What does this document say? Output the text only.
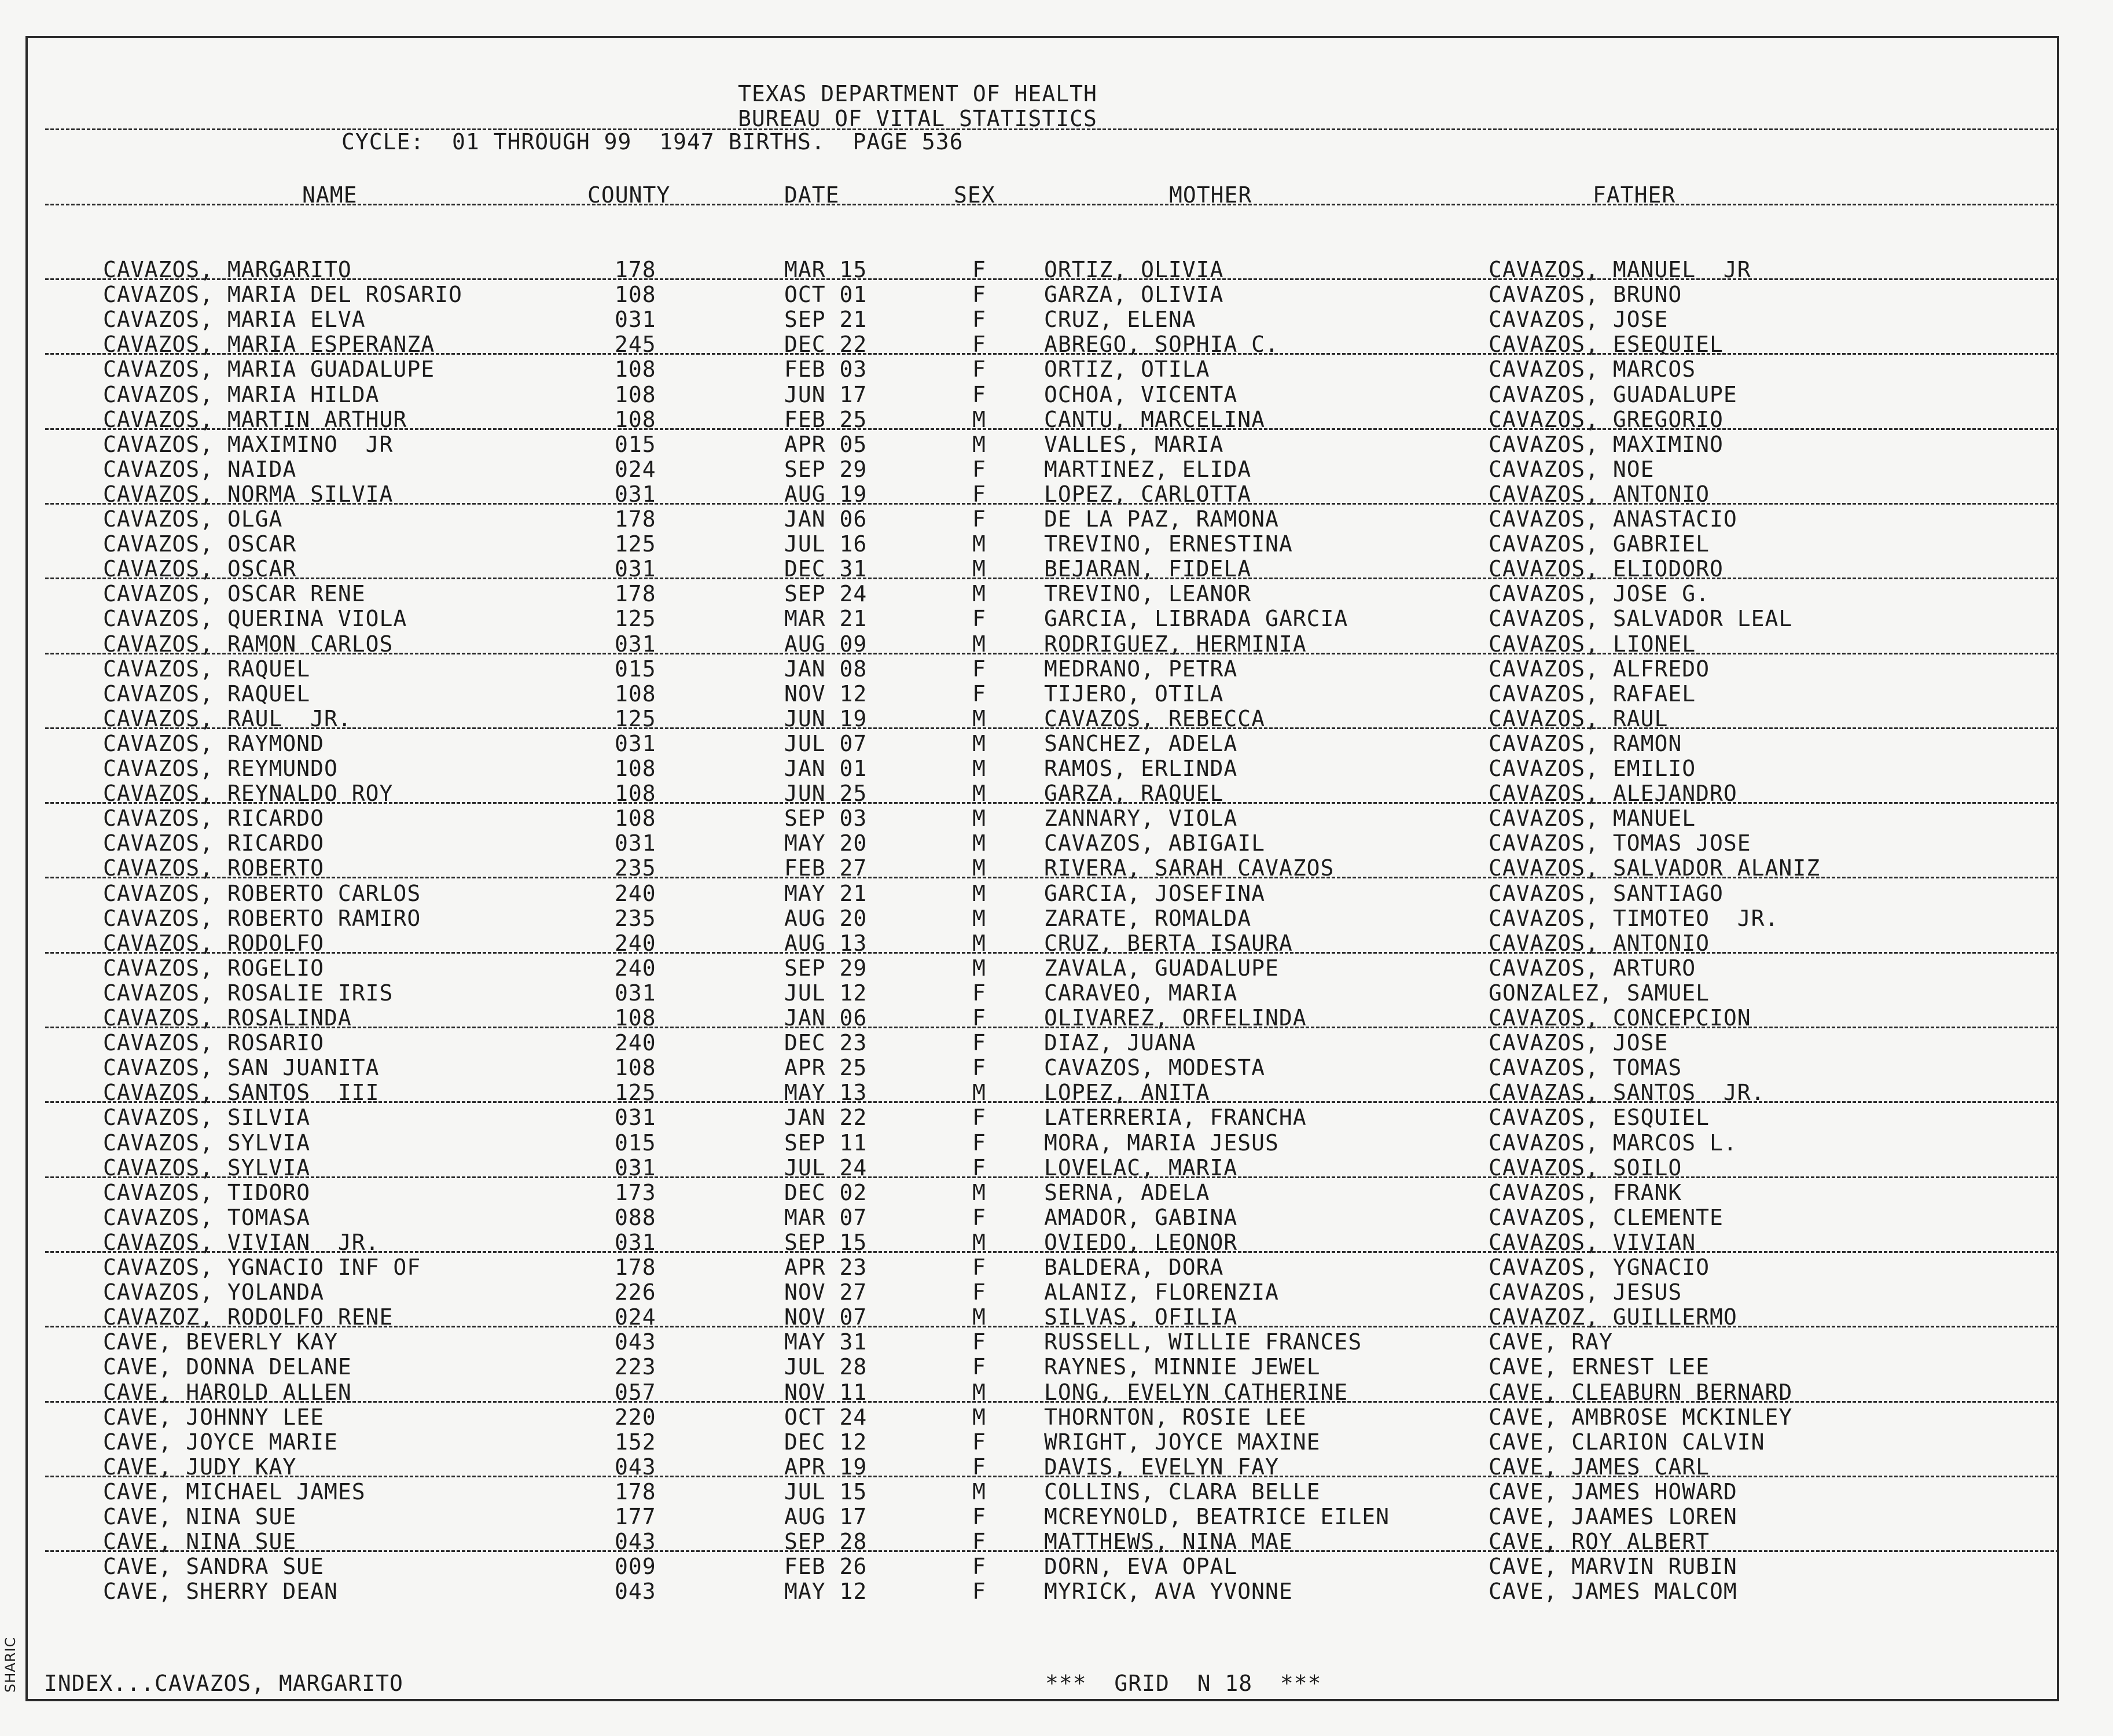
TEXAS DEPARTMENT OF HEALTH
BUREAU OF VITAL STATISTICS
CYCLE:  01 THROUGH 99  1947 BIRTHS.  PAGE 536
NAME	COUNTY	DATE	SEX	MOTHER	FATHER
CAVAZOS, MARGARITO	178	MAR 15	F	ORTIZ, OLIVIA	CAVAZOS, MANUEL  JR
CAVAZOS, MARIA DEL ROSARIO	108	OCT 01	F	GARZA, OLIVIA	CAVAZOS, BRUNO
CAVAZOS, MARIA ELVA	031	SEP 21	F	CRUZ, ELENA	CAVAZOS, JOSE
CAVAZOS, MARIA ESPERANZA	245	DEC 22	F	ABREGO, SOPHIA C.	CAVAZOS, ESEQUIEL
CAVAZOS, MARIA GUADALUPE	108	FEB 03	F	ORTIZ, OTILA	CAVAZOS, MARCOS
CAVAZOS, MARIA HILDA	108	JUN 17	F	OCHOA, VICENTA	CAVAZOS, GUADALUPE
CAVAZOS, MARTIN ARTHUR	108	FEB 25	M	CANTU, MARCELINA	CAVAZOS, GREGORIO
CAVAZOS, MAXIMINO  JR	015	APR 05	M	VALLES, MARIA	CAVAZOS, MAXIMINO
CAVAZOS, NAIDA	024	SEP 29	F	MARTINEZ, ELIDA	CAVAZOS, NOE
CAVAZOS, NORMA SILVIA	031	AUG 19	F	LOPEZ, CARLOTTA	CAVAZOS, ANTONIO
CAVAZOS, OLGA	178	JAN 06	F	DE LA PAZ, RAMONA	CAVAZOS, ANASTACIO
CAVAZOS, OSCAR	125	JUL 16	M	TREVINO, ERNESTINA	CAVAZOS, GABRIEL
CAVAZOS, OSCAR	031	DEC 31	M	BEJARAN, FIDELA	CAVAZOS, ELIODORO
CAVAZOS, OSCAR RENE	178	SEP 24	M	TREVINO, LEANOR	CAVAZOS, JOSE G.
CAVAZOS, QUERINA VIOLA	125	MAR 21	F	GARCIA, LIBRADA GARCIA	CAVAZOS, SALVADOR LEAL
CAVAZOS, RAMON CARLOS	031	AUG 09	M	RODRIGUEZ, HERMINIA	CAVAZOS, LIONEL
CAVAZOS, RAQUEL	015	JAN 08	F	MEDRANO, PETRA	CAVAZOS, ALFREDO
CAVAZOS, RAQUEL	108	NOV 12	F	TIJERO, OTILA	CAVAZOS, RAFAEL
CAVAZOS, RAUL  JR.	125	JUN 19	M	CAVAZOS, REBECCA	CAVAZOS, RAUL
CAVAZOS, RAYMOND	031	JUL 07	M	SANCHEZ, ADELA	CAVAZOS, RAMON
CAVAZOS, REYMUNDO	108	JAN 01	M	RAMOS, ERLINDA	CAVAZOS, EMILIO
CAVAZOS, REYNALDO ROY	108	JUN 25	M	GARZA, RAQUEL	CAVAZOS, ALEJANDRO
CAVAZOS, RICARDO	108	SEP 03	M	ZANNARY, VIOLA	CAVAZOS, MANUEL
CAVAZOS, RICARDO	031	MAY 20	M	CAVAZOS, ABIGAIL	CAVAZOS, TOMAS JOSE
CAVAZOS, ROBERTO	235	FEB 27	M	RIVERA, SARAH CAVAZOS	CAVAZOS, SALVADOR ALANIZ
CAVAZOS, ROBERTO CARLOS	240	MAY 21	M	GARCIA, JOSEFINA	CAVAZOS, SANTIAGO
CAVAZOS, ROBERTO RAMIRO	235	AUG 20	M	ZARATE, ROMALDA	CAVAZOS, TIMOTEO  JR.
CAVAZOS, RODOLFO	240	AUG 13	M	CRUZ, BERTA ISAURA	CAVAZOS, ANTONIO
CAVAZOS, ROGELIO	240	SEP 29	M	ZAVALA, GUADALUPE	CAVAZOS, ARTURO
CAVAZOS, ROSALIE IRIS	031	JUL 12	F	CARAVEO, MARIA	GONZALEZ, SAMUEL
CAVAZOS, ROSALINDA	108	JAN 06	F	OLIVAREZ, ORFELINDA	CAVAZOS, CONCEPCION
CAVAZOS, ROSARIO	240	DEC 23	F	DIAZ, JUANA	CAVAZOS, JOSE
CAVAZOS, SAN JUANITA	108	APR 25	F	CAVAZOS, MODESTA	CAVAZOS, TOMAS
CAVAZOS, SANTOS  III	125	MAY 13	M	LOPEZ, ANITA	CAVAZAS, SANTOS  JR.
CAVAZOS, SILVIA	031	JAN 22	F	LATERRERIA, FRANCHA	CAVAZOS, ESQUIEL
CAVAZOS, SYLVIA	015	SEP 11	F	MORA, MARIA JESUS	CAVAZOS, MARCOS L.
CAVAZOS, SYLVIA	031	JUL 24	F	LOVELAC, MARIA	CAVAZOS, SOILO
CAVAZOS, TIDORO	173	DEC 02	M	SERNA, ADELA	CAVAZOS, FRANK
CAVAZOS, TOMASA	088	MAR 07	F	AMADOR, GABINA	CAVAZOS, CLEMENTE
CAVAZOS, VIVIAN  JR.	031	SEP 15	M	OVIEDO, LEONOR	CAVAZOS, VIVIAN
CAVAZOS, YGNACIO INF OF	178	APR 23	F	BALDERA, DORA	CAVAZOS, YGNACIO
CAVAZOS, YOLANDA	226	NOV 27	F	ALANIZ, FLORENZIA	CAVAZOS, JESUS
CAVAZOZ, RODOLFO RENE	024	NOV 07	M	SILVAS, OFILIA	CAVAZOZ, GUILLERMO
CAVE, BEVERLY KAY	043	MAY 31	F	RUSSELL, WILLIE FRANCES	CAVE, RAY
CAVE, DONNA DELANE	223	JUL 28	F	RAYNES, MINNIE JEWEL	CAVE, ERNEST LEE
CAVE, HAROLD ALLEN	057	NOV 11	M	LONG, EVELYN CATHERINE	CAVE, CLEABURN BERNARD
CAVE, JOHNNY LEE	220	OCT 24	M	THORNTON, ROSIE LEE	CAVE, AMBROSE MCKINLEY
CAVE, JOYCE MARIE	152	DEC 12	F	WRIGHT, JOYCE MAXINE	CAVE, CLARION CALVIN
CAVE, JUDY KAY	043	APR 19	F	DAVIS, EVELYN FAY	CAVE, JAMES CARL
CAVE, MICHAEL JAMES	178	JUL 15	M	COLLINS, CLARA BELLE	CAVE, JAMES HOWARD
CAVE, NINA SUE	177	AUG 17	F	MCREYNOLD, BEATRICE EILEN	CAVE, JAAMES LOREN
CAVE, NINA SUE	043	SEP 28	F	MATTHEWS, NINA MAE	CAVE, ROY ALBERT
CAVE, SANDRA SUE	009	FEB 26	F	DORN, EVA OPAL	CAVE, MARVIN RUBIN
CAVE, SHERRY DEAN	043	MAY 12	F	MYRICK, AVA YVONNE	CAVE, JAMES MALCOM
INDEX...CAVAZOS, MARGARITO	***  GRID  N 18  ***
SHARIC
